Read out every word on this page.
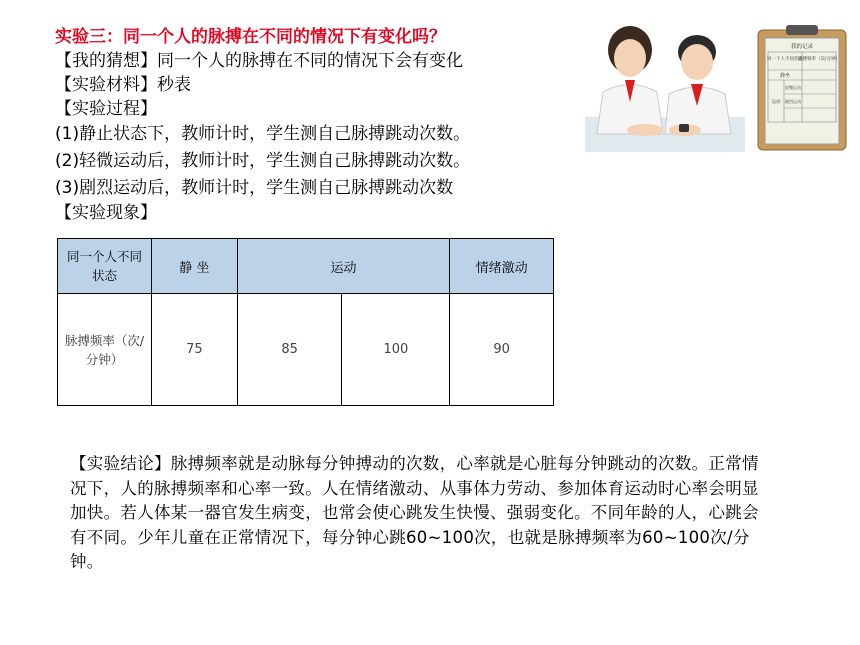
实验三：同一个人的脉搏在不同的情况下有变化吗？
【我的猜想】同一个人的脉搏在不同的情况下会有变化
【实验材料】秒表
【实验过程】
(1)静止状态下，教师计时，学生测自己脉搏跳动次数。
(2)轻微运动后，教师计时，学生测自己脉搏跳动次数。
(3)剧烈运动后，教师计时，学生测自己脉搏跳动次数
【实验现象】
同一个人不同状态	静 坐	运动		情绪激动

脉搏频率（次/分钟）	75	85	100	90
【实验结论】脉搏频率就是动脉每分钟搏动的次数，心率就是心脏每分钟跳动的次数。正常情况下，人的脉搏频率和心率一致。人在情绪激动、从事体力劳动、参加体育运动时心率会明显加快。若人体某一器官发生病变，也常会使心跳发生快慢、强弱变化。不同年龄的人，心跳会有不同。少年儿童在正常情况下，每分钟心跳60~100次，也就是脉搏频率为60~100次/分钟。
我的记录
同一个人不同状态
脉搏频率（次/分钟）
静坐
运动
轻微运动
剧烈运动
